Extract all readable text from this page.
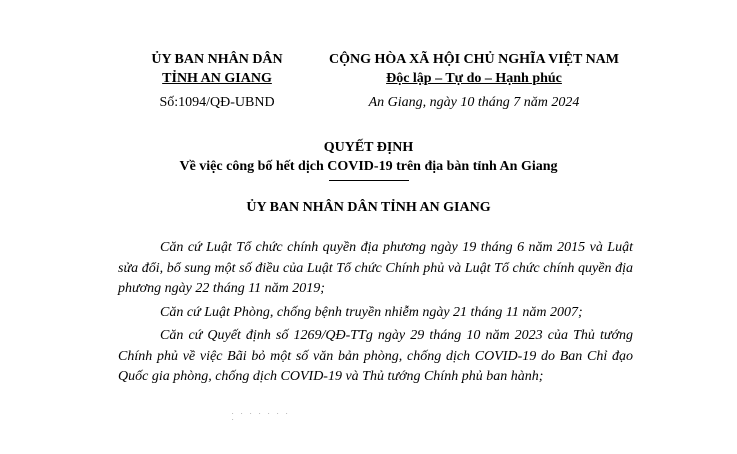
ỦY BAN NHÂN DÂN
TỈNH AN GIANG
Số:1094/QĐ-UBND
CỘNG HÒA XÃ HỘI CHỦ NGHĨA VIỆT NAM
Độc lập – Tự do – Hạnh phúc
An Giang, ngày 10 tháng 7 năm 2024
QUYẾT ĐỊNH
Về việc công bố hết dịch COVID-19 trên địa bàn tỉnh An Giang
ỦY BAN NHÂN DÂN TỈNH AN GIANG

Căn cứ Luật Tổ chức chính quyền địa phương ngày 19 tháng 6 năm 2015 và Luật sửa đổi, bổ sung một số điều của Luật Tổ chức Chính phủ và Luật Tổ chức chính quyền địa phương ngày 22 tháng 11 năm 2019;

Căn cứ Luật Phòng, chống bệnh truyền nhiễm ngày 21 tháng 11 năm 2007;

Căn cứ Quyết định số 1269/QĐ-TTg ngày 29 tháng 10 năm 2023 của Thủ tướng Chính phủ về việc Bãi bỏ một số văn bản phòng, chống dịch COVID-19 do Ban Chỉ đạo Quốc gia phòng, chống dịch COVID-19 và Thủ tướng Chính phủ ban hành;

. . . . . . . .
